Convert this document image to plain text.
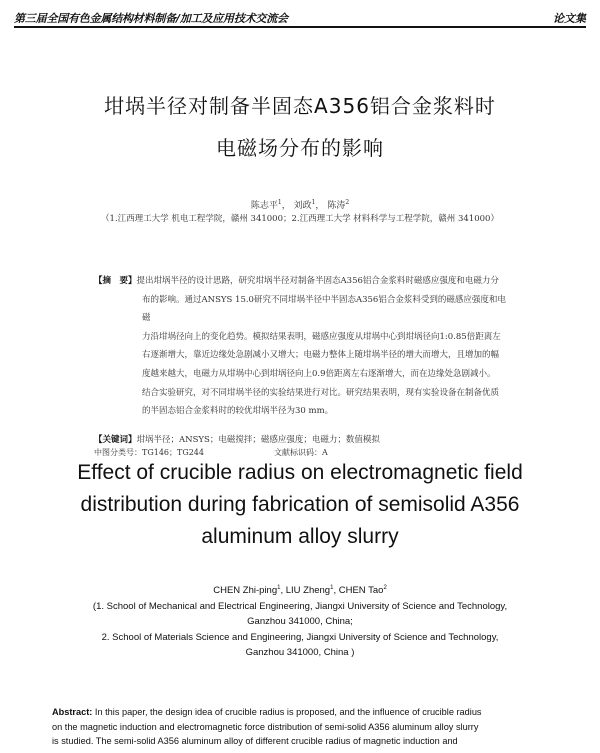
第三届全国有色金属结构材料制备/加工及应用技术交流会	论文集
坩埚半径对制备半固态A356铝合金浆料时
电磁场分布的影响
陈志平$^1$， 刘政$^1$， 陈涛$^2$
（1.江西理工大学 机电工程学院，赣州 341000；2.江西理工大学 材料科学与工程学院，赣州 341000）
【摘　要】提出坩埚半径的设计思路，研究坩埚半径对制备半固态A356铝合金浆料时磁感应强度和电磁力分
布的影响。通过ANSYS 15.0研究不同坩埚半径中半固态A356铝合金浆料受到的磁感应强度和电磁
力沿坩埚径向上的变化趋势。模拟结果表明，磁感应强度从坩埚中心到坩埚径向1:0.85倍距离左
右逐渐增大，靠近边缘处急剧减小又增大；电磁力整体上随坩埚半径的增大而增大，且增加的幅
度越来越大，电磁力从坩埚中心到坩埚径向上0.9倍距离左右逐渐增大，而在边缘处急剧减小。
结合实验研究，对不同坩埚半径的实验结果进行对比。研究结果表明，现有实验设备在制备优质
的半固态铝合金浆料时的较优坩埚半径为30 mm。
【关键词】坩埚半径；ANSYS；电磁搅拌；磁感应强度；电磁力；数值模拟
中图分类号：TG146；TG244	文献标识码：A
Effect of crucible radius on electromagnetic field
distribution during fabrication of semisolid A356
aluminum alloy slurry
CHEN Zhi-ping$^1$, LIU Zheng$^1$, CHEN Tao$^2$
(1. School of Mechanical and Electrical Engineering, Jiangxi University of Science and Technology,
Ganzhou 341000, China;
2. School of Materials Science and Engineering, Jiangxi University of Science and Technology,
Ganzhou 341000, China )
Abstract: In this paper, the design idea of crucible radius is proposed, and the influence of crucible radius
on the magnetic induction and electromagnetic force distribution of semi-solid A356 aluminum alloy slurry
is studied. The semi-solid A356 aluminum alloy of different crucible radius of magnetic induction and
